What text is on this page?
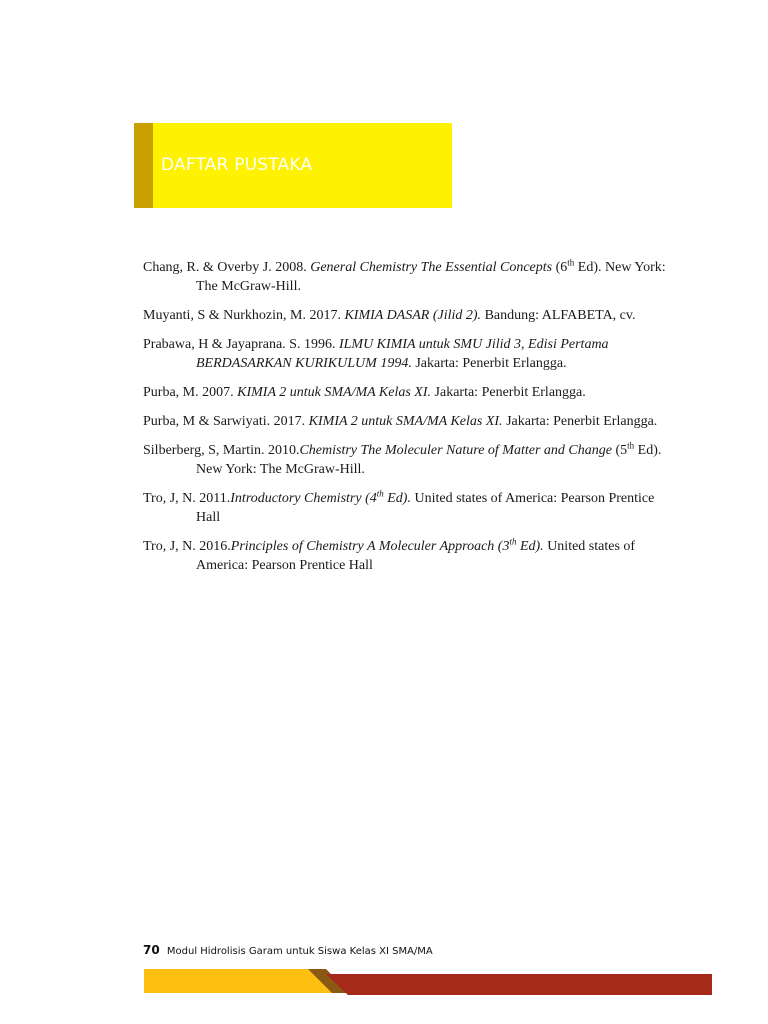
DAFTAR PUSTAKA

Chang, R. & Overby J. 2008. General Chemistry The Essential Concepts (6th Ed). New York: The McGraw-Hill.

Muyanti, S & Nurkhozin, M. 2017. KIMIA DASAR (Jilid 2). Bandung: ALFABETA, cv.

Prabawa, H & Jayaprana. S. 1996. ILMU KIMIA untuk SMU Jilid 3, Edisi Pertama BERDASARKAN KURIKULUM 1994. Jakarta: Penerbit Erlangga.

Purba, M. 2007. KIMIA 2 untuk SMA/MA Kelas XI. Jakarta: Penerbit Erlangga.

Purba, M & Sarwiyati. 2017. KIMIA 2 untuk SMA/MA Kelas XI. Jakarta: Penerbit Erlangga.

Silberberg, S, Martin. 2010.Chemistry The Moleculer Nature of Matter and Change (5th Ed). New York: The McGraw-Hill.

Tro, J, N. 2011.Introductory Chemistry (4th Ed). United states of America: Pearson Prentice Hall

Tro, J, N. 2016.Principles of Chemistry A Moleculer Approach (3th Ed). United states of America: Pearson Prentice Hall

70 Modul Hidrolisis Garam untuk Siswa Kelas XI SMA/MA
